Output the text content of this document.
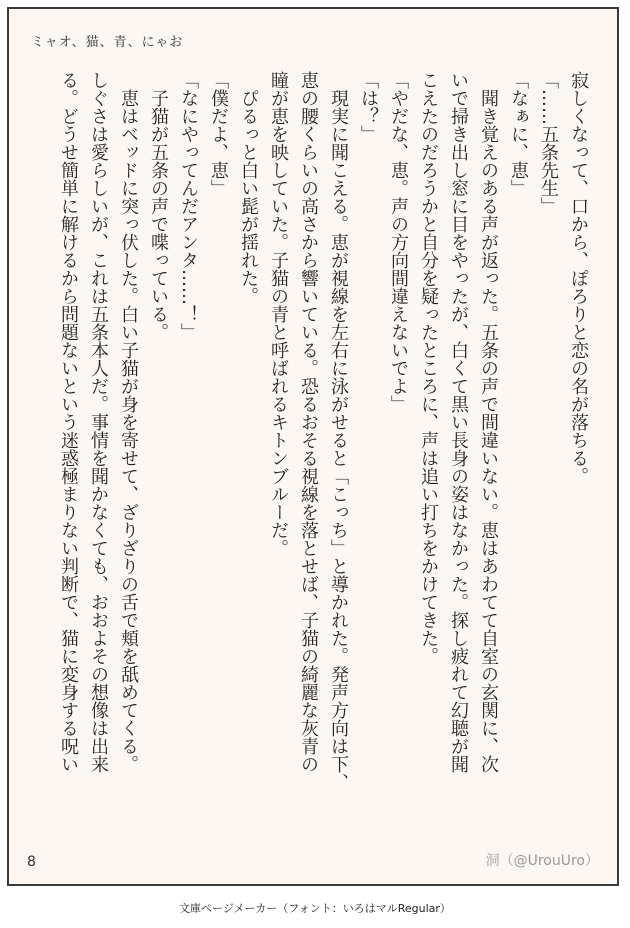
ミャオ、猫、青、にゃお

寂しくなって、口から、ぽろりと恋の名が落ちる。

「……五条先生」

「なぁに、恵」

　聞き覚えのある声が返った。五条の声で間違いない。恵はあわてて自室の玄関に、次

いで掃き出し窓に目をやったが、白くて黒い長身の姿はなかった。探し疲れて幻聴が聞

こえたのだろうかと自分を疑ったところに、声は追い打ちをかけてきた。

「やだな、恵。声の方向間違えないでよ」

「は？」

　現実に聞こえる。恵が視線を左右に泳がせると「こっち」と導かれた。発声方向は下、

恵の腰くらいの高さから響いている。恐るおそる視線を落とせば、子猫の綺麗な灰青の

瞳が恵を映していた。子猫の青と呼ばれるキトンブルーだ。

　ぴるっと白い髭が揺れた。

「僕だよ、恵」

「なにやってんだアンタ……！」

　子猫が五条の声で喋っている。

　恵はベッドに突っ伏した。白い子猫が身を寄せて、ざりざりの舌で頬を舐めてくる。

しぐさは愛らしいが、これは五条本人だ。事情を聞かなくても、おおよその想像は出来

る。どうせ簡単に解けるから問題ないという迷惑極まりない判断で、猫に変身する呪い

8	洞（@UrouUro）
文庫ページメーカー（フォント：いろはマルRegular）
